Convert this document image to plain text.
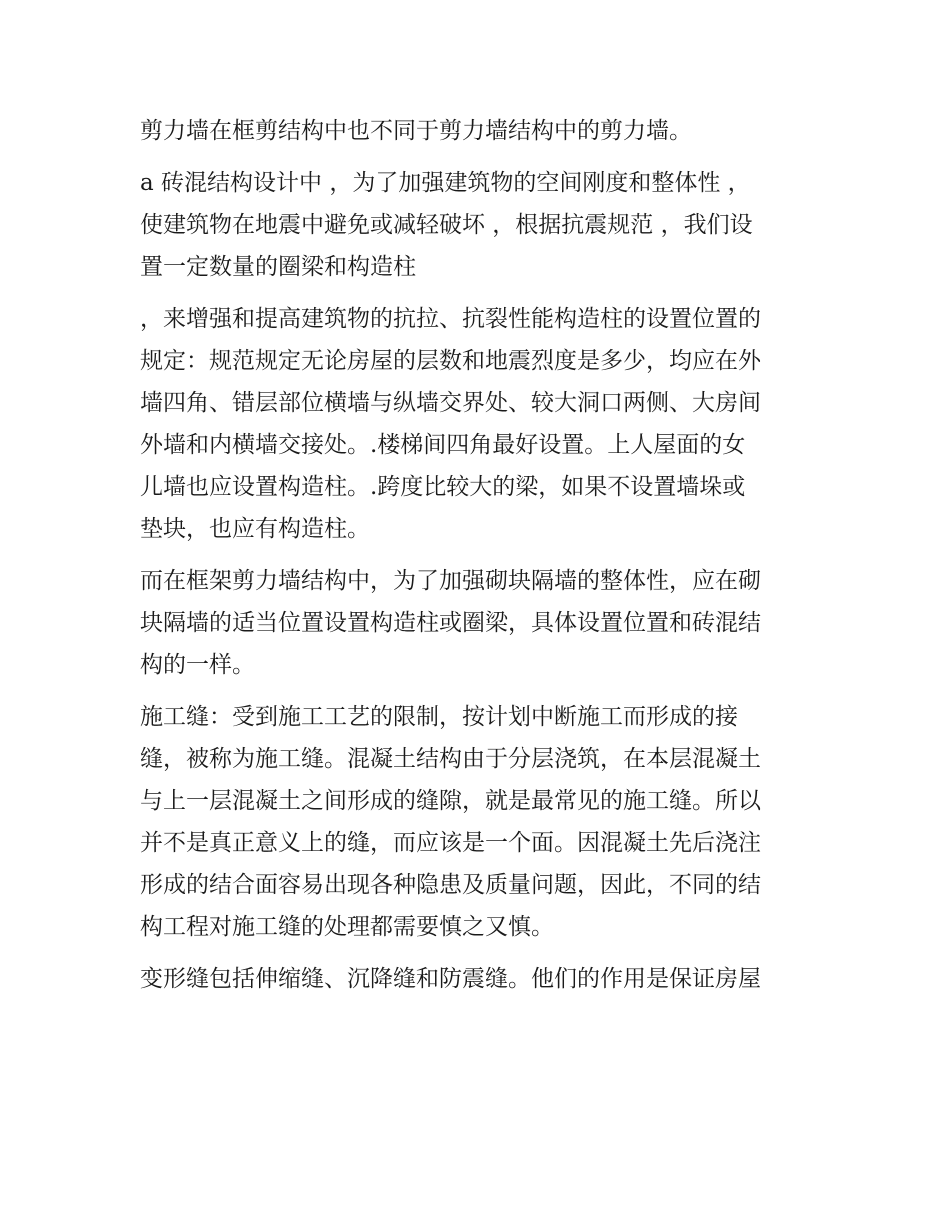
剪力墙在框剪结构中也不同于剪力墙结构中的剪力墙。
a 砖混结构设计中 ，为了加强建筑物的空间刚度和整体性 ，
使建筑物在地震中避免或减轻破坏 ，根据抗震规范 ，我们设
置一定数量的圈梁和构造柱
，来增强和提高建筑物的抗拉、抗裂性能构造柱的设置位置的
规定：规范规定无论房屋的层数和地震烈度是多少，均应在外
墙四角、错层部位横墙与纵墙交界处、较大洞口两侧、大房间
外墙和内横墙交接处。.楼梯间四角最好设置。上人屋面的女
儿墙也应设置构造柱。.跨度比较大的梁，如果不设置墙垛或
垫块，也应有构造柱。
而在框架剪力墙结构中，为了加强砌块隔墙的整体性，应在砌
块隔墙的适当位置设置构造柱或圈梁，具体设置位置和砖混结
构的一样。
施工缝：受到施工工艺的限制，按计划中断施工而形成的接
缝，被称为施工缝。混凝土结构由于分层浇筑，在本层混凝土
与上一层混凝土之间形成的缝隙，就是最常见的施工缝。所以
并不是真正意义上的缝，而应该是一个面。因混凝土先后浇注
形成的结合面容易出现各种隐患及质量问题，因此，不同的结
构工程对施工缝的处理都需要慎之又慎。
变形缝包括伸缩缝、沉降缝和防震缝。他们的作用是保证房屋
